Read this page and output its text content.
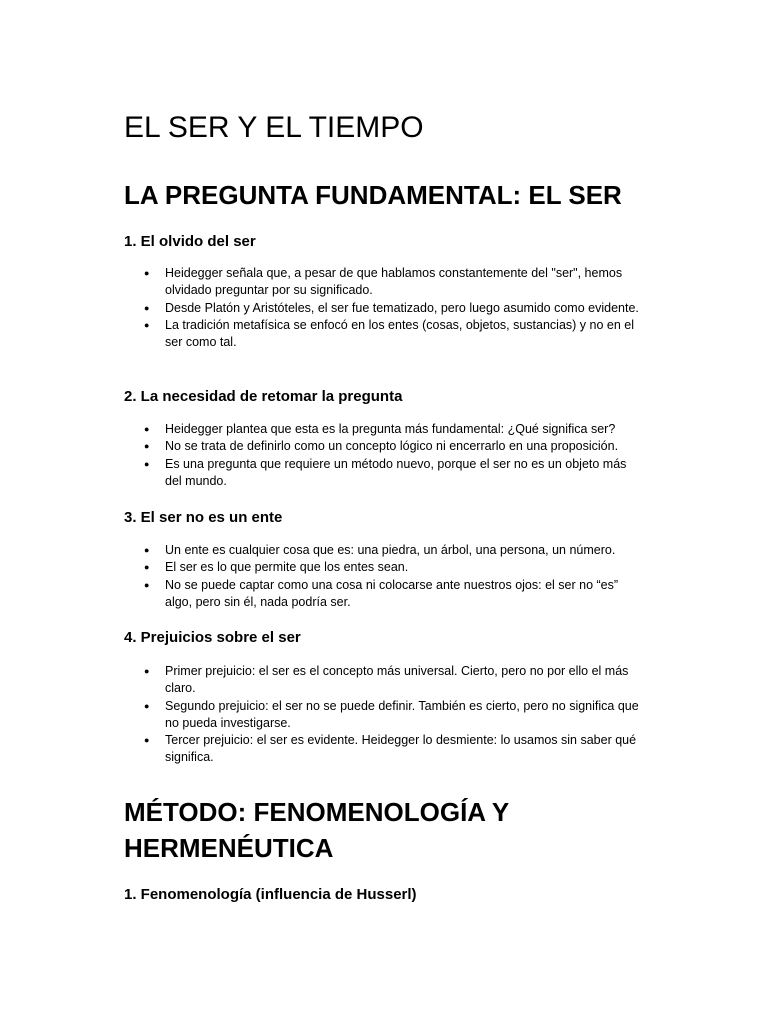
EL SER Y EL TIEMPO
LA PREGUNTA FUNDAMENTAL: EL SER
1. El olvido del ser
● Heidegger señala que, a pesar de que hablamos constantemente del "ser", hemos olvidado preguntar por su significado.
● Desde Platón y Aristóteles, el ser fue tematizado, pero luego asumido como evidente.
● La tradición metafísica se enfocó en los entes (cosas, objetos, sustancias) y no en el ser como tal.
2. La necesidad de retomar la pregunta
● Heidegger plantea que esta es la pregunta más fundamental: ¿Qué significa ser?
● No se trata de definirlo como un concepto lógico ni encerrarlo en una proposición.
● Es una pregunta que requiere un método nuevo, porque el ser no es un objeto más del mundo.
3. El ser no es un ente
● Un ente es cualquier cosa que es: una piedra, un árbol, una persona, un número.
● El ser es lo que permite que los entes sean.
● No se puede captar como una cosa ni colocarse ante nuestros ojos: el ser no “es” algo, pero sin él, nada podría ser.
4. Prejuicios sobre el ser
● Primer prejuicio: el ser es el concepto más universal. Cierto, pero no por ello el más claro.
● Segundo prejuicio: el ser no se puede definir. También es cierto, pero no significa que no pueda investigarse.
● Tercer prejuicio: el ser es evidente. Heidegger lo desmiente: lo usamos sin saber qué significa.
MÉTODO: FENOMENOLOGÍA Y HERMENÉUTICA
1. Fenomenología (influencia de Husserl)
